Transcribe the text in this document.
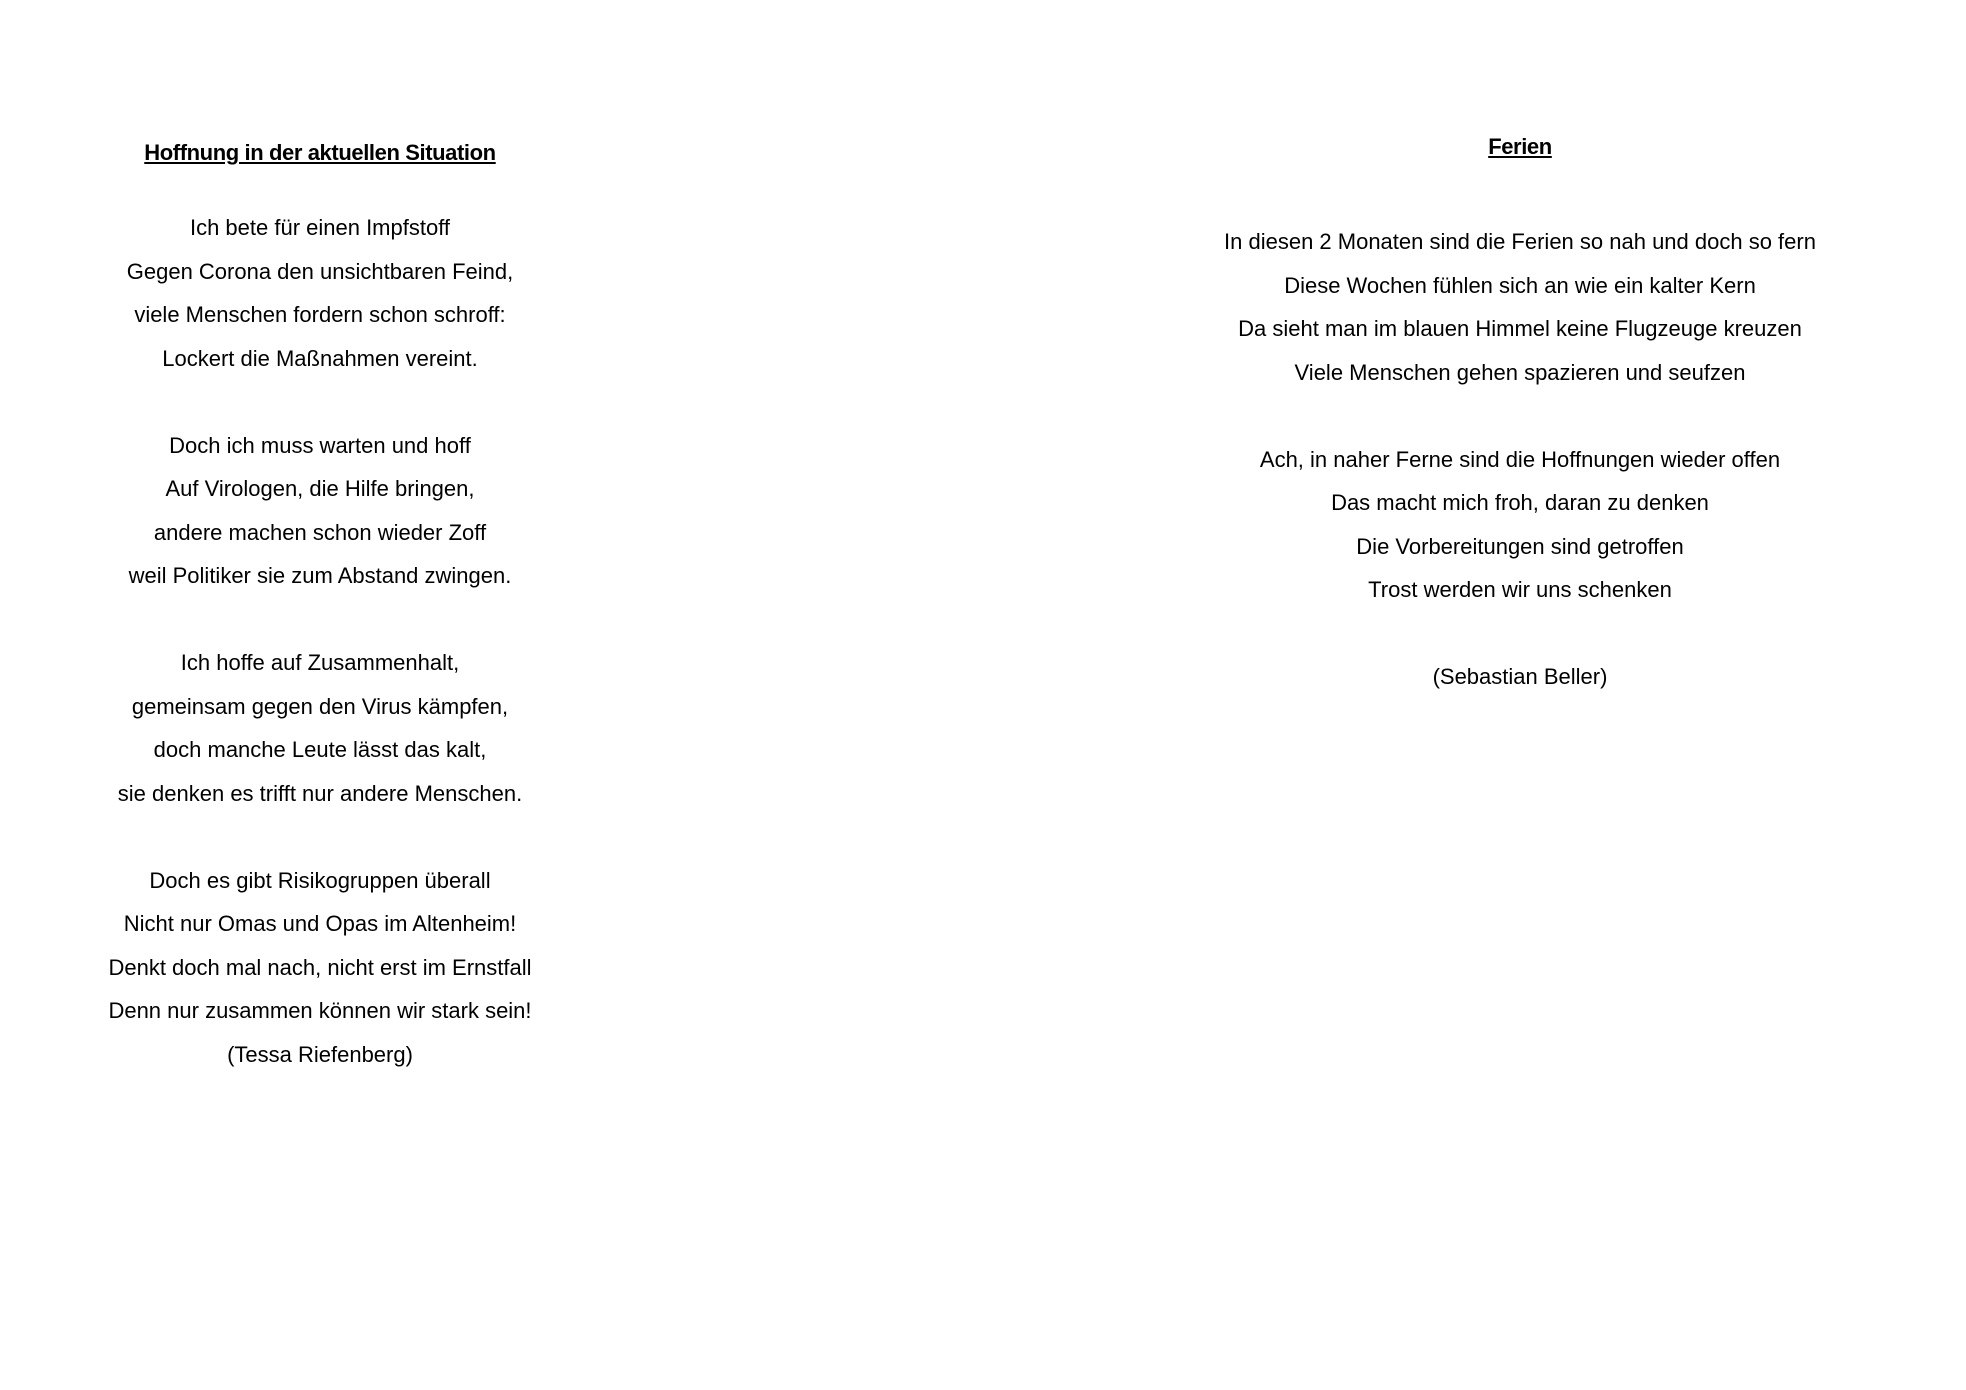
Hoffnung in der aktuellen Situation
Ich bete für einen Impfstoff
Gegen Corona den unsichtbaren Feind,
viele Menschen fordern schon schroff:
Lockert die Maßnahmen vereint.
Doch ich muss warten und hoff
Auf Virologen, die Hilfe bringen,
andere machen schon wieder Zoff
weil Politiker sie zum Abstand zwingen.
Ich hoffe auf Zusammenhalt,
gemeinsam gegen den Virus kämpfen,
doch manche Leute lässt das kalt,
sie denken es trifft nur andere Menschen.
Doch es gibt Risikogruppen überall
Nicht nur Omas und Opas im Altenheim!
Denkt doch mal nach, nicht erst im Ernstfall
Denn nur zusammen können wir stark sein!
(Tessa Riefenberg)
Ferien
In diesen 2 Monaten sind die Ferien so nah und doch so fern
Diese Wochen fühlen sich an wie ein kalter Kern
Da sieht man im blauen Himmel keine Flugzeuge kreuzen
Viele Menschen gehen spazieren und seufzen
Ach, in naher Ferne sind die Hoffnungen wieder offen
Das macht mich froh, daran zu denken
Die Vorbereitungen sind getroffen
Trost werden wir uns schenken
(Sebastian Beller)
